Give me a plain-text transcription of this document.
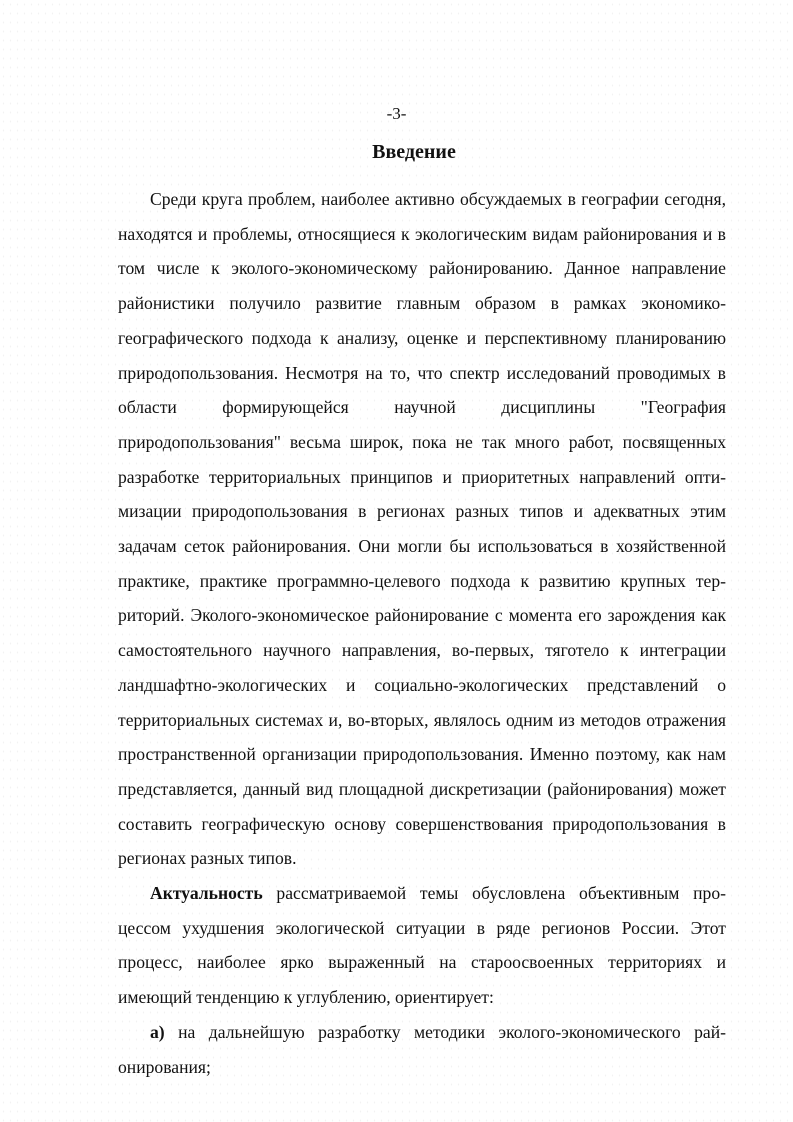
-3-
Введение

Среди круга проблем, наиболее активно обсуждаемых в географии сегодня, находятся и проблемы, относящиеся к экологическим видам районирования и в том числе к эколого-экономическому районированию. Данное направление районистики получило развитие главным образом в рамках экономико-географического подхода к анализу, оценке и перспективному планированию природопользования. Несмотря на то, что спектр исследований проводимых в области формирующейся научной дисциплины "География природопользования" весьма широк, пока не так много работ, посвященных разработке территориальных принципов и приоритетных направлений оптимизации природопользования в регионах разных типов и адекватных этим задачам сеток районирования. Они могли бы использоваться в хозяйственной практике, практике программно-целевого подхода к развитию крупных территорий. Эколого-экономическое районирование с момента его зарождения как самостоятельного научного направления, во-первых, тяготело к интеграции ландшафтно-экологических и социально-экологических представлений о территориальных системах и, во-вторых, являлось одним из методов отражения пространственной организации природопользования. Именно поэтому, как нам представляется, данный вид площадной дискретизации (районирования) может составить географическую основу совершенствования природопользования в регионах разных типов.

Актуальность рассматриваемой темы обусловлена объективным процессом ухудшения экологической ситуации в ряде регионов России. Этот процесс, наиболее ярко выраженный на староосвоенных территориях и имеющий тенденцию к углублению, ориентирует:

а) на дальнейшую разработку методики эколого-экономического районирования;
